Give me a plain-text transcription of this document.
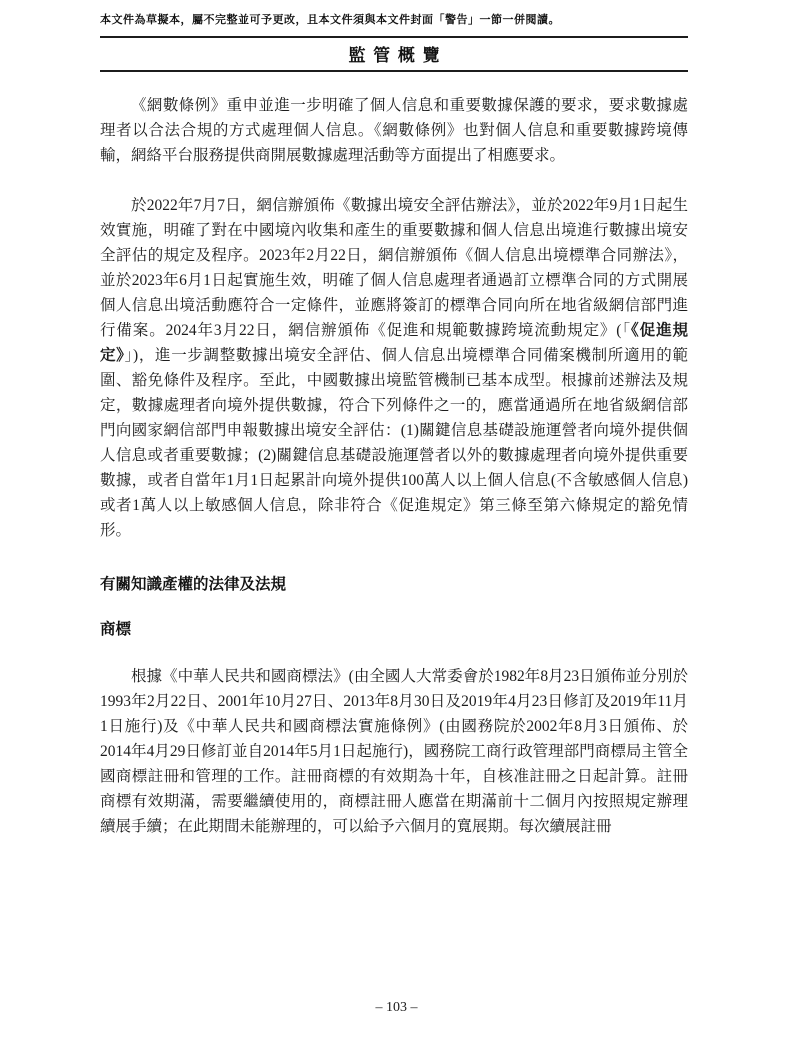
本文件為草擬本，屬不完整並可予更改，且本文件須與本文件封面「警告」一節一併閱讀。
監管概覽

《網數條例》重申並進一步明確了個人信息和重要數據保護的要求，要求數據處理者以合法合規的方式處理個人信息。《網數條例》也對個人信息和重要數據跨境傳輸，網絡平台服務提供商開展數據處理活動等方面提出了相應要求。

於2022年7月7日，網信辦頒佈《數據出境安全評估辦法》，並於2022年9月1日起生效實施，明確了對在中國境內收集和產生的重要數據和個人信息出境進行數據出境安全評估的規定及程序。2023年2月22日，網信辦頒佈《個人信息出境標準合同辦法》，並於2023年6月1日起實施生效，明確了個人信息處理者通過訂立標準合同的方式開展個人信息出境活動應符合一定條件，並應將簽訂的標準合同向所在地省級網信部門進行備案。2024年3月22日，網信辦頒佈《促進和規範數據跨境流動規定》(「《促進規定》」)，進一步調整數據出境安全評估、個人信息出境標準合同備案機制所適用的範圍、豁免條件及程序。至此，中國數據出境監管機制已基本成型。根據前述辦法及規定，數據處理者向境外提供數據，符合下列條件之一的，應當通過所在地省級網信部門向國家網信部門申報數據出境安全評估：(1)關鍵信息基礎設施運營者向境外提供個人信息或者重要數據；(2)關鍵信息基礎設施運營者以外的數據處理者向境外提供重要數據，或者自當年1月1日起累計向境外提供100萬人以上個人信息(不含敏感個人信息)或者1萬人以上敏感個人信息，除非符合《促進規定》第三條至第六條規定的豁免情形。

有關知識產權的法律及法規
商標

根據《中華人民共和國商標法》(由全國人大常委會於1982年8月23日頒佈並分別於1993年2月22日、2001年10月27日、2013年8月30日及2019年4月23日修訂及2019年11月1日施行)及《中華人民共和國商標法實施條例》(由國務院於2002年8月3日頒佈、於2014年4月29日修訂並自2014年5月1日起施行)，國務院工商行政管理部門商標局主管全國商標註冊和管理的工作。註冊商標的有效期為十年，自核准註冊之日起計算。註冊商標有效期滿，需要繼續使用的，商標註冊人應當在期滿前十二個月內按照規定辦理續展手續；在此期間未能辦理的，可以給予六個月的寬展期。每次續展註冊

– 103 –
